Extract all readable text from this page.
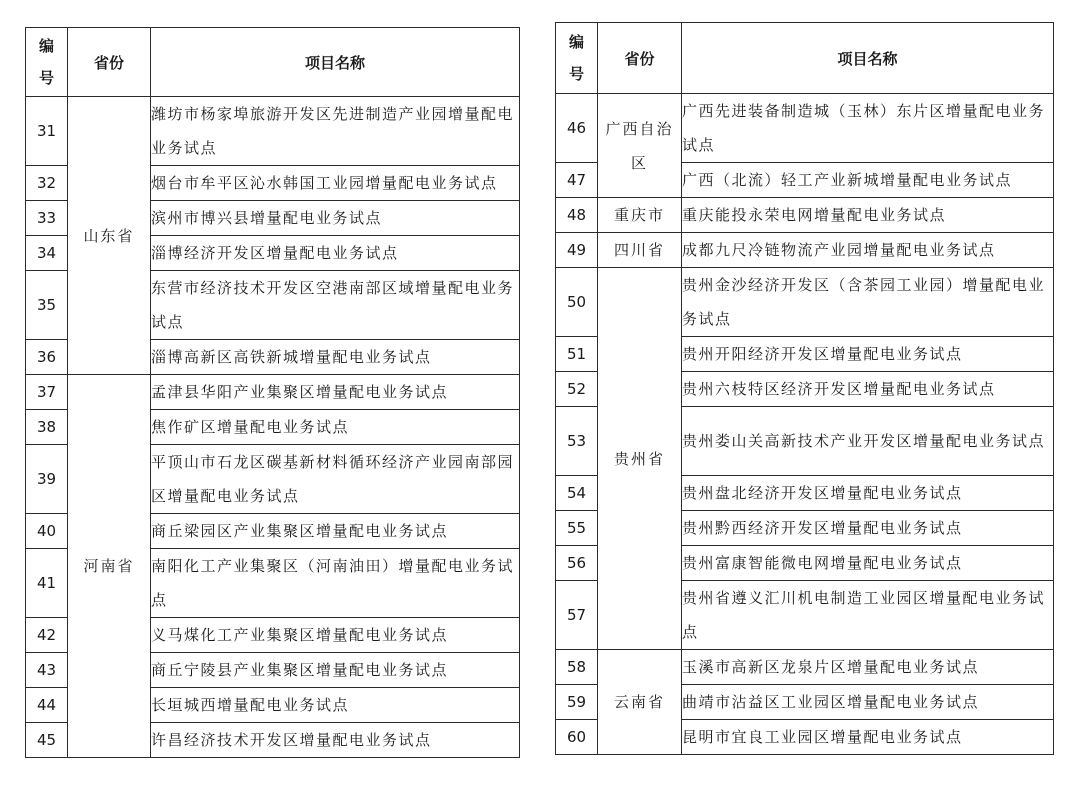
编
号	省份	项目名称
31	山东省	潍坊市杨家埠旅游开发区先进制造产业园增量配电业务试点
32		烟台市牟平区沁水韩国工业园增量配电业务试点
33		滨州市博兴县增量配电业务试点
34		淄博经济开发区增量配电业务试点
35		东营市经济技术开发区空港南部区域增量配电业务试点
36		淄博高新区高铁新城增量配电业务试点
37	河南省	孟津县华阳产业集聚区增量配电业务试点
38		焦作矿区增量配电业务试点
39		平顶山市石龙区碳基新材料循环经济产业园南部园区增量配电业务试点
40		商丘梁园区产业集聚区增量配电业务试点
41		南阳化工产业集聚区（河南油田）增量配电业务试点
42		义马煤化工产业集聚区增量配电业务试点
43		商丘宁陵县产业集聚区增量配电业务试点
44		长垣城西增量配电业务试点
45		许昌经济技术开发区增量配电业务试点
编
号	省份	项目名称
46	广西自治区	广西先进装备制造城（玉林）东片区增量配电业务试点
47		广西（北流）轻工产业新城增量配电业务试点
48	重庆市	重庆能投永荣电网增量配电业务试点
49	四川省	成都九尺冷链物流产业园增量配电业务试点
50	贵州省	贵州金沙经济开发区（含茶园工业园）增量配电业务试点
51		贵州开阳经济开发区增量配电业务试点
52		贵州六枝特区经济开发区增量配电业务试点
53		贵州娄山关高新技术产业开发区增量配电业务试点
54		贵州盘北经济开发区增量配电业务试点
55		贵州黔西经济开发区增量配电业务试点
56		贵州富康智能微电网增量配电业务试点
57		贵州省遵义汇川机电制造工业园区增量配电业务试点
58	云南省	玉溪市高新区龙泉片区增量配电业务试点
59		曲靖市沾益区工业园区增量配电业务试点
60		昆明市宜良工业园区增量配电业务试点
